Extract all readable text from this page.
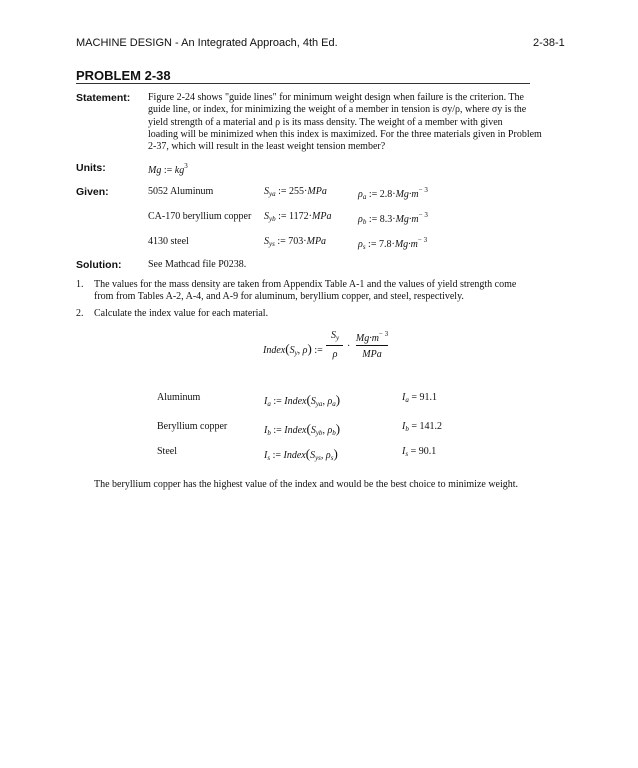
MACHINE DESIGN - An Integrated Approach, 4th Ed.	2-38-1
PROBLEM 2-38
Statement: Figure 2-24 shows "guide lines" for minimum weight design when failure is the criterion. The
guide line, or index, for minimizing the weight of a member in tension is σy/ρ, where σy is the
yield strength of a material and ρ is its mass density. The weight of a member with given
loading will be minimized when this index is maximized. For the three materials given in Problem
2-37, which will result in the least weight tension member?
Units:	Mg := $kg^3$
Given:	5052 Aluminum	$S_{ya}$ := 255·MPa	$\rho_a$ := $2.8\cdot Mg\cdot m^{- 3}$
CA-170 beryllium copper $S_{yb}$ := 1172·MPa	$\rho_b$ := $8.3\cdot Mg\cdot m^{- 3}$
4130 steel	$S_{ys}$ := 703·MPa	$\rho_s$ := $7.8\cdot Mg\cdot m^{- 3}$
Solution:	See Mathcad file P0238.
1. The values for the mass density are taken from Appendix Table A-1 and the values of yield strength come
from from Tables A-2, A-4, and A-9 for aluminum, beryllium copper, and steel, respectively.
2. Calculate the index value for each material.
$Index(S_y$, ρ) :=
$S_y$
ρ
·
$Mg\cdot m^{- 3}$
MPa
Aluminum	$I_a$ := $Index(S_{ya}$, $\rho_a$)	$I_a = 91.1$
Beryllium copper	$I_b$ := $Index(S_{yb}$, $\rho_b$)	$I_b = 141.2$
Steel	$I_s$ := $Index(S_{ys}$, $\rho_s$)	$I_s = 90.1$
The beryllium copper has the highest value of the index and would be the best choice to minimize weight.
